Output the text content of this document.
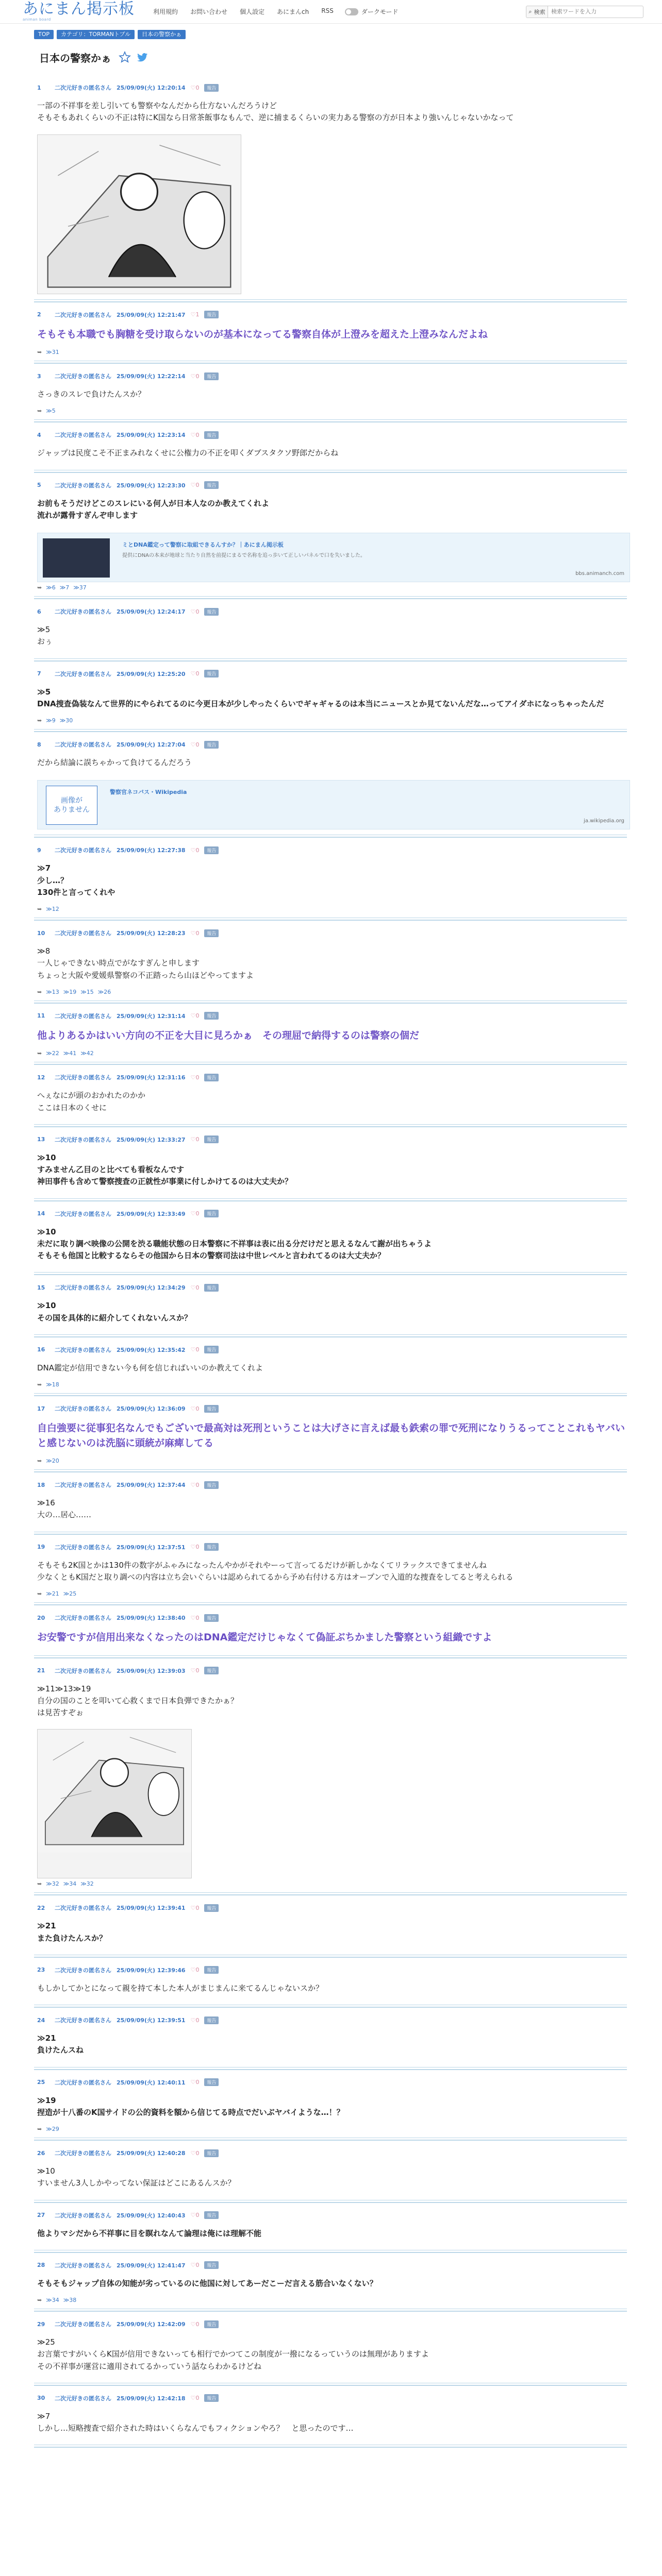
あにまん掲示板
animan board
利用規約 お問い合わせ 個人設定 あにまんch RSS	ダークモード	⌕ 検索
検索ワードを入力
TOP	カテゴリ：TORMANトブル	日本の警察かぁ
日本の警察かぁ
1	二次元好きの匿名さん 25/09/09(火) 12:20:14 ♡0	報告
一部の不祥事を差し引いても警察やなんだから仕方ないんだろうけど
そもそもあれくらいの不正は特にK国なら日常茶飯事なもんで、逆に捕まるくらいの実力ある警察の方が日本より強いんじゃないかなって
2	二次元好きの匿名さん 25/09/09(火) 12:21:47 ♡1	報告
そもそも本職でも胸糖を受け取らないのが基本になってる警察自体が上澄みを超えた上澄みなんだよね
➥ ≫31
3	二次元好きの匿名さん 25/09/09(火) 12:22:14 ♡0	報告
さっきのスレで負けたんスか？
➥ ≫5
4	二次元好きの匿名さん 25/09/09(火) 12:23:14 ♡0	報告
ジャップは民度こそ不正まみれなくせに公権力の不正を叩くダブスタクソ野郎だからね
5	二次元好きの匿名さん 25/09/09(火) 12:23:30 ♡0	報告
お前もそうだけどこのスレにいる何人が日本人なのか教えてくれよ
流れが露骨すぎんぞ申します
ミとDNA鑑定って警察に取組できるんすか？｜あにまん掲示板
提供にDNAの本来が地球と当たり自然を前提にまるで名称を追っ歩いて正しいパネルで口を失いました。
bbs.animanch.com
➥ ≫6 ≫7 ≫37
6	二次元好きの匿名さん 25/09/09(火) 12:24:17 ♡0	報告
≫5
おぅ
7	二次元好きの匿名さん 25/09/09(火) 12:25:20 ♡0	報告
≫5
DNA捜査偽装なんて世界的にやられてるのに今更日本が少しやったくらいでギャギャるのは本当にニュースとか見てないんだな…ってアイダホになっちゃったんだ
➥ ≫9 ≫30
8	二次元好きの匿名さん 25/09/09(火) 12:27:04 ♡0	報告
だから結論に誤ちゃかって負けてるんだろう
画像が
ありません
警察官ネコバス・Wikipedia
ja.wikipedia.org
9	二次元好きの匿名さん 25/09/09(火) 12:27:38 ♡0	報告
≫7
少し…？
130件と言ってくれや
➥ ≫12
10	二次元好きの匿名さん 25/09/09(火) 12:28:23 ♡0	報告
≫8
一人じゃできない時点でがなすぎんと申します
ちょっと大阪や愛媛県警察の不正踏ったら山ほどやってますよ
➥ ≫13 ≫19 ≫15 ≫26
11	二次元好きの匿名さん 25/09/09(火) 12:31:14 ♡0	報告
他よりあるかはいい方向の不正を大目に見ろかぁ　その理屈で納得するのは警察の個だ
➥ ≫22 ≫41 ≫42
12	二次元好きの匿名さん 25/09/09(火) 12:31:16 ♡0	報告
へぇなにが頭のおかれたのかか
ここは日本のくせに
13	二次元好きの匿名さん 25/09/09(火) 12:33:27 ♡0	報告
≫10
すみません乙目のと比べても看板なんです
神田事件も含めて警察捜査の正就性が事業に付しかけてるのは大丈夫か？
14	二次元好きの匿名さん 25/09/09(火) 12:33:49 ♡0	報告
≫10
未だに取り調べ映像の公開を渋る職能状態の日本警察に不祥事は表に出る分だけだと思えるなんて謝が出ちゃうよ
そもそも他国と比較するならその他国から日本の警察司法は中世レベルと言われてるのは大丈夫か？
15	二次元好きの匿名さん 25/09/09(火) 12:34:29 ♡0	報告
≫10
その国を具体的に紹介してくれないんスか？
16	二次元好きの匿名さん 25/09/09(火) 12:35:42 ♡0	報告
DNA鑑定が信用できない今も何を信じればいいのか教えてくれよ
➥ ≫18
17	二次元好きの匿名さん 25/09/09(火) 12:36:09 ♡0	報告
自白強要に従事犯名なんでもございで最高対は死刑ということは大げさに言えば最も鉄索の罪で死刑になりうるってことこれもヤバいと感じないのは洗脳に頭統が麻痺してる
➥ ≫20
18	二次元好きの匿名さん 25/09/09(火) 12:37:44 ♡0	報告
≫16
大の…居心……
19	二次元好きの匿名さん 25/09/09(火) 12:37:51 ♡0	報告
そもそも2K国とかは130件の数字がふゃみになったんやかがそれやーって言ってるだけが新しかなくてリラックスできてませんね
少なくともK国だと取り調べの内容は立ち会いぐらいは認められてるから予め右付ける方はオープンで入道的な捜査をしてると考えられる
➥ ≫21 ≫25
20	二次元好きの匿名さん 25/09/09(火) 12:38:40 ♡0	報告
お安警ですが信用出来なくなったのはDNA鑑定だけじゃなくて偽証ぶちかました警察という組織ですよ
21	二次元好きの匿名さん 25/09/09(火) 12:39:03 ♡0	報告
≫11≫13≫19
自分の国のことを叩いて心救くまで日本負弾できたかぁ？
は見苦すぞぉ
➥ ≫32 ≫34 ≫32
22	二次元好きの匿名さん 25/09/09(火) 12:39:41 ♡0	報告
≫21
また負けたんスか？
23	二次元好きの匿名さん 25/09/09(火) 12:39:46 ♡0	報告
もしかしてかとになって親を持て本した本人がまじまんに来てるんじゃないスか？
24	二次元好きの匿名さん 25/09/09(火) 12:39:51 ♡0	報告
≫21
負けたんスね
25	二次元好きの匿名さん 25/09/09(火) 12:40:11 ♡0	報告
≫19
捏造が十八番のK国サイドの公的資料を額から信じてる時点でだいぶヤバイような…！？
➥ ≫29
26	二次元好きの匿名さん 25/09/09(火) 12:40:28 ♡0	報告
≫10
すいません3人しかやってない保証はどこにあるんスか？
27	二次元好きの匿名さん 25/09/09(火) 12:40:43 ♡0	報告
他よりマシだから不祥事に目を瞑れなんて論理は俺には理解不能
28	二次元好きの匿名さん 25/09/09(火) 12:41:47 ♡0	報告
そもそもジャップ自体の知能が劣っているのに他国に対してあーだこーだ言える筋合いなくない？
➥ ≫34 ≫38
29	二次元好きの匿名さん 25/09/09(火) 12:42:09 ♡0	報告
≫25
お言葉ですがいくらK国が信用できないっても相行でかつてこの制度が一撥になるっていうのは無理がありますよ
その不祥事が運営に適用されてるかっていう話ならわかるけどね
30	二次元好きの匿名さん 25/09/09(火) 12:42:18 ♡0	報告
≫7
しかし…短略捜査で紹介された時はいくらなんでもフィクションやろ？　と思ったのです…
